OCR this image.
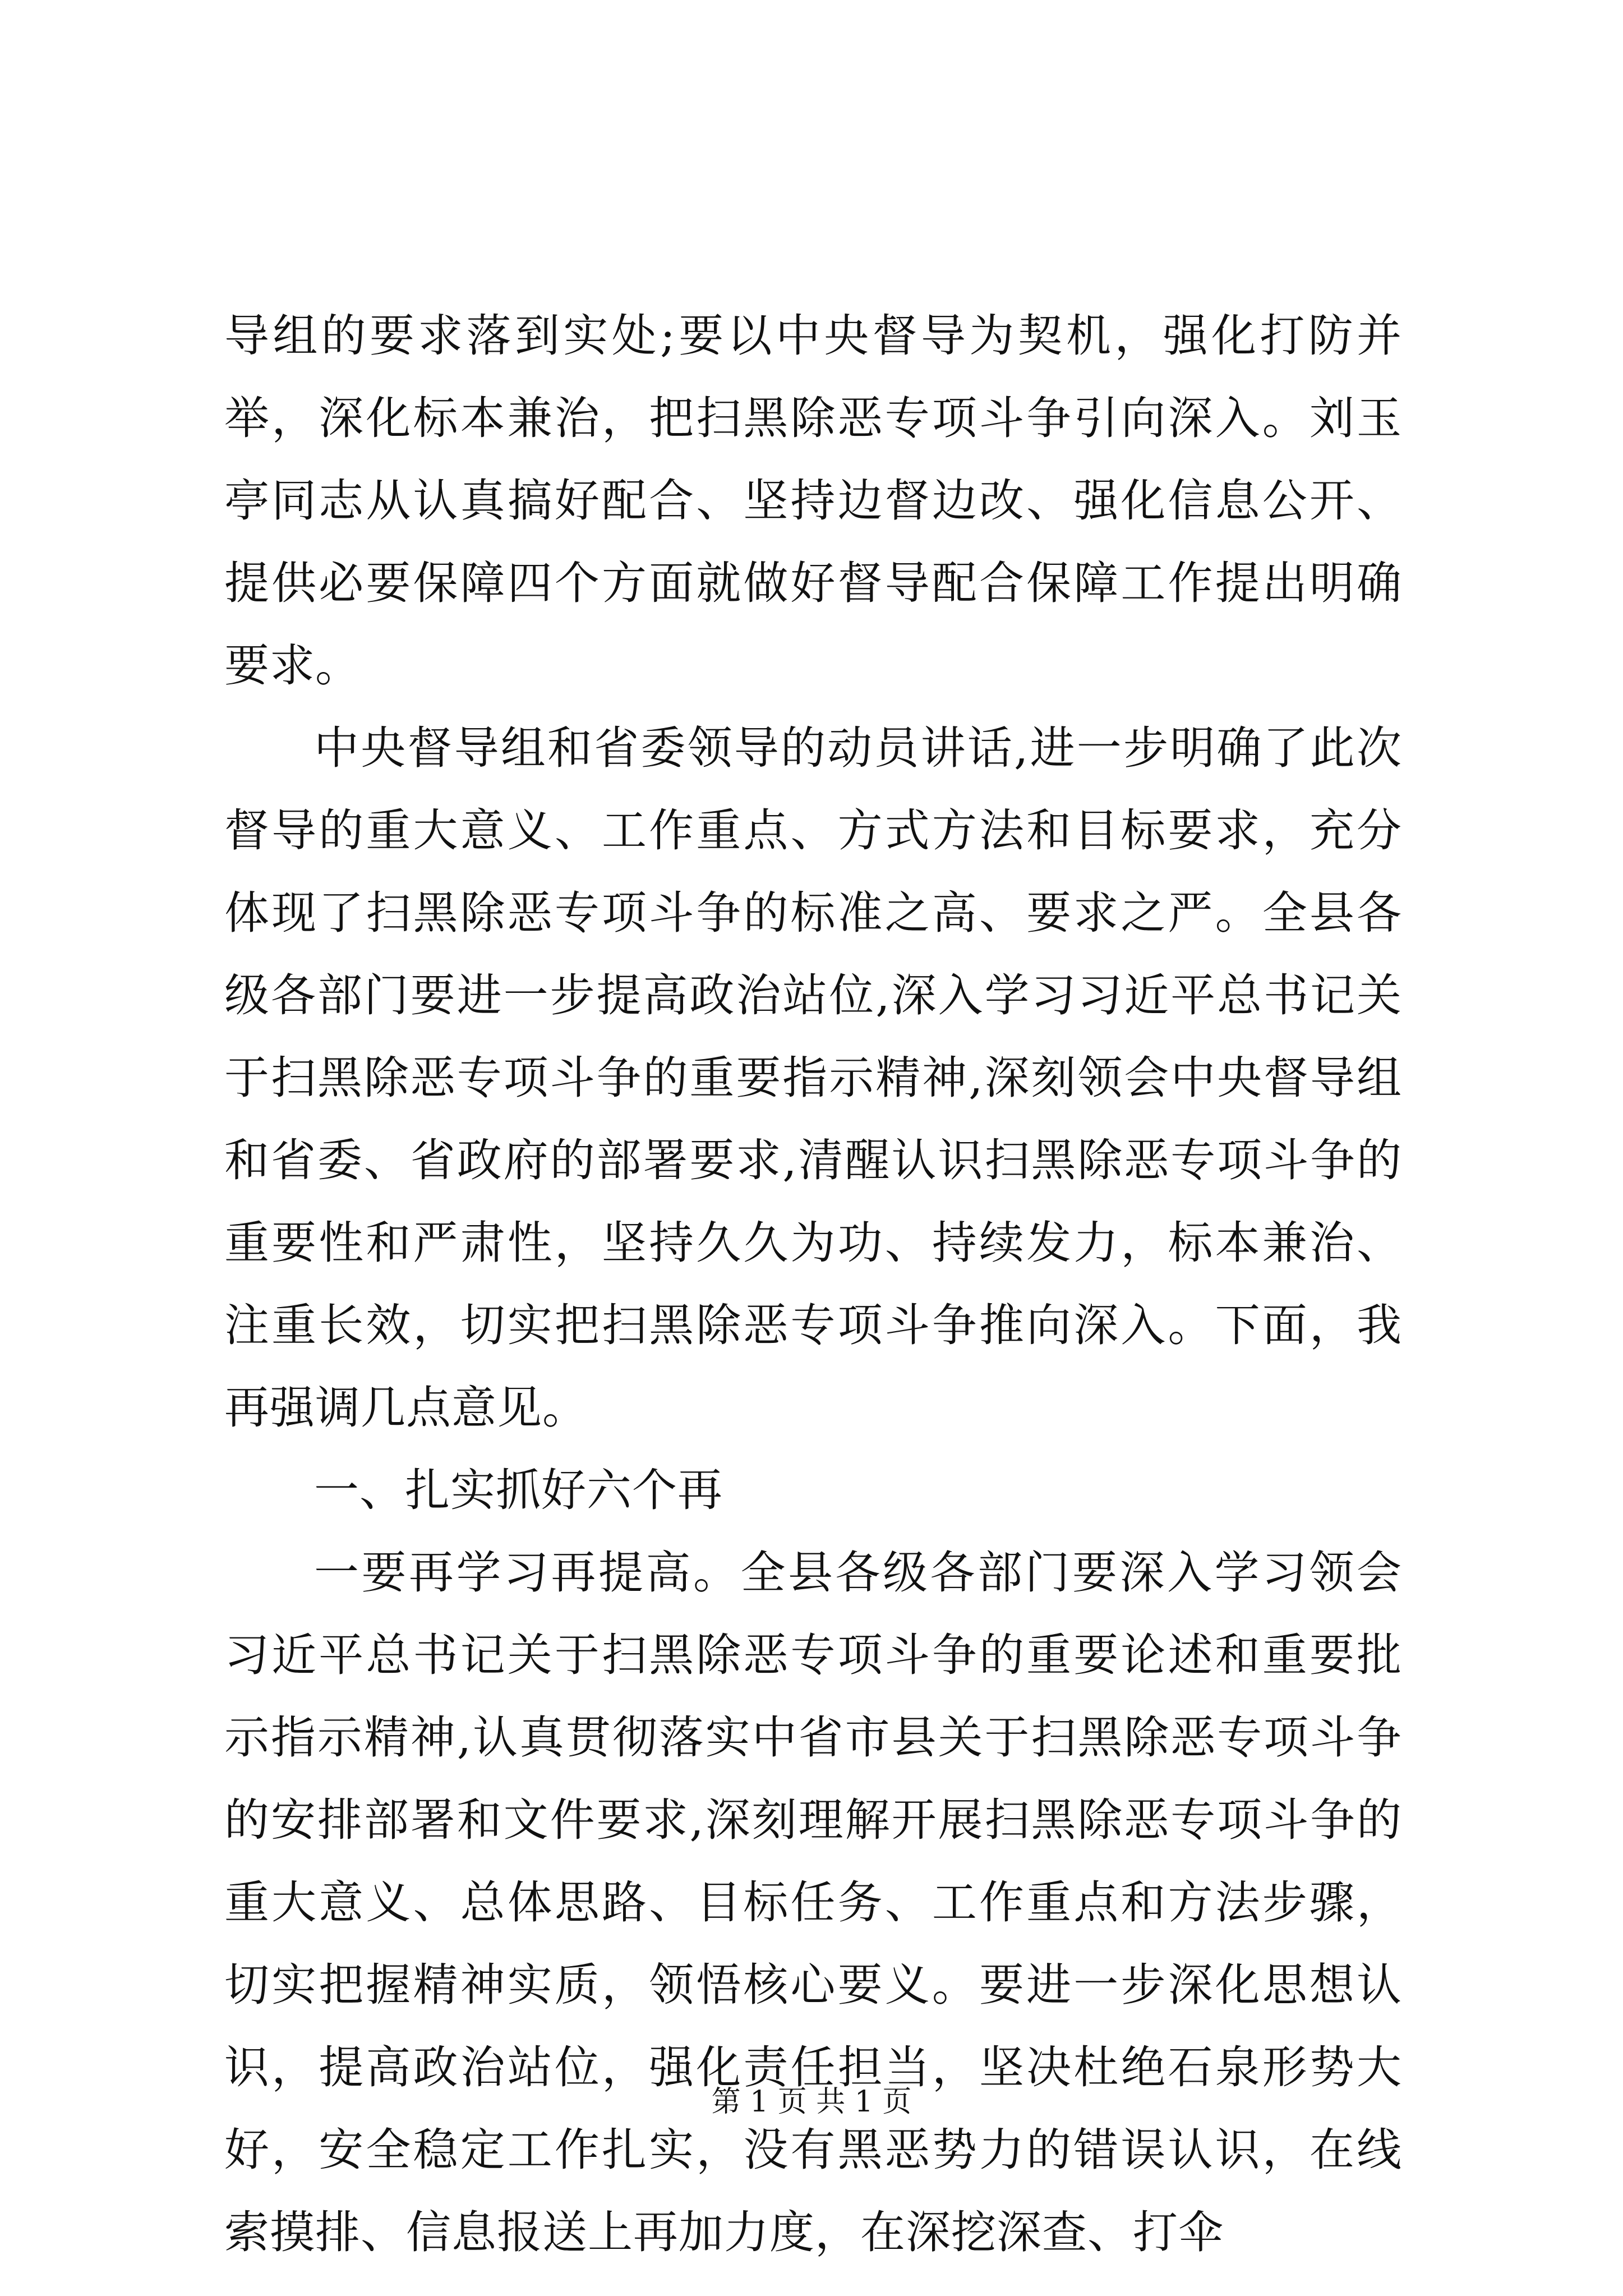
导组的要求落到实处;要以中央督导为契机，强化打防并举，深化标本兼治，把扫黑除恶专项斗争引向深入。刘玉亭同志从认真搞好配合、坚持边督边改、强化信息公开、提供必要保障四个方面就做好督导配合保障工作提出明确要求。

中央督导组和省委领导的动员讲话,进一步明确了此次督导的重大意义、工作重点、方式方法和目标要求，充分体现了扫黑除恶专项斗争的标准之高、要求之严。全县各级各部门要进一步提高政治站位,深入学习习近平总书记关于扫黑除恶专项斗争的重要指示精神,深刻领会中央督导组和省委、省政府的部署要求,清醒认识扫黑除恶专项斗争的重要性和严肃性，坚持久久为功、持续发力，标本兼治、注重长效，切实把扫黑除恶专项斗争推向深入。下面，我再强调几点意见。

一、扎实抓好六个再

一要再学习再提高。全县各级各部门要深入学习领会习近平总书记关于扫黑除恶专项斗争的重要论述和重要批示指示精神,认真贯彻落实中省市县关于扫黑除恶专项斗争的安排部署和文件要求,深刻理解开展扫黑除恶专项斗争的重大意义、总体思路、目标任务、工作重点和方法步骤，切实把握精神实质，领悟核心要义。要进一步深化思想认识，提高政治站位，强化责任担当，坚决杜绝石泉形势大好，安全稳定工作扎实，没有黑恶势力的错误认识，在线索摸排、信息报送上再加力度，在深挖深查、打伞

第 1 页 共 1 页
